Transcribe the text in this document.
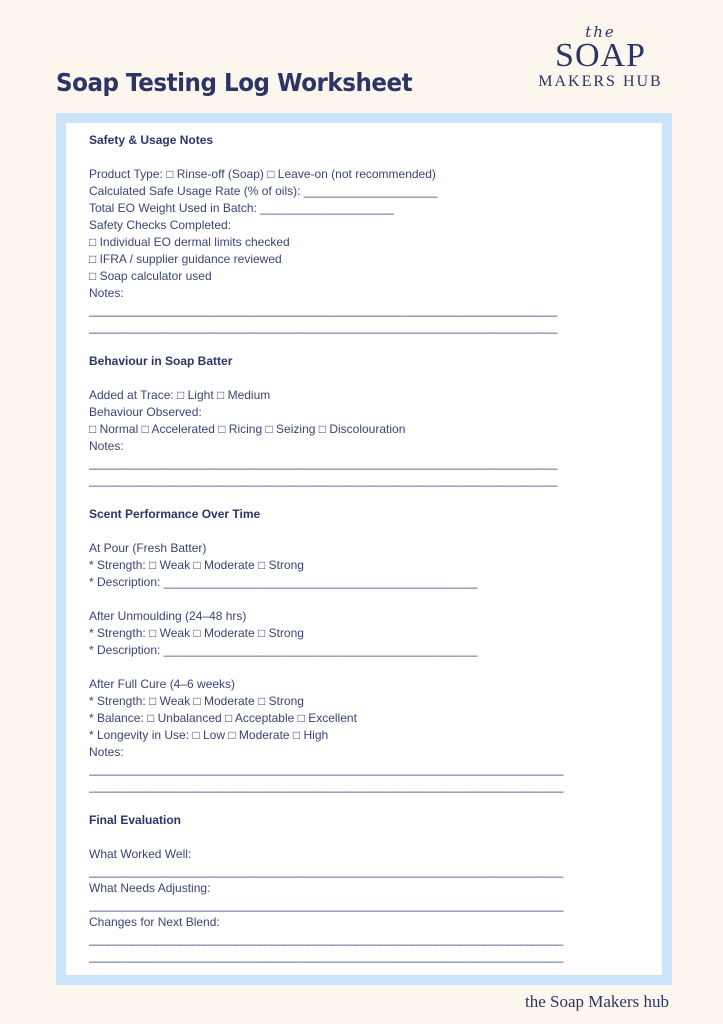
Soap Testing Log Worksheet
the
SOAP
MAKERS HUB
Safety & Usage Notes
Product Type: □ Rinse-off (Soap) □ Leave-on (not recommended)
Calculated Safe Usage Rate (% of oils): ____________________
Total EO Weight Used in Batch: ____________________
Safety Checks Completed:
□ Individual EO dermal limits checked
□ IFRA / supplier guidance reviewed
□ Soap calculator used
Notes:
_____________________________________________________________________________
_____________________________________________________________________________
Behaviour in Soap Batter
Added at Trace: □ Light □ Medium
Behaviour Observed:
□ Normal □ Accelerated □ Ricing □ Seizing □ Discolouration
Notes:
_____________________________________________________________________________
_____________________________________________________________________________
Scent Performance Over Time
At Pour (Fresh Batter)
* Strength: □ Weak □ Moderate □ Strong
* Description: _______________________________________________
After Unmoulding (24–48 hrs)
* Strength: □ Weak □ Moderate □ Strong
* Description: _______________________________________________
After Full Cure (4–6 weeks)
* Strength: □ Weak □ Moderate □ Strong
* Balance: □ Unbalanced □ Acceptable □ Excellent
* Longevity in Use: □ Low □ Moderate □ High
Notes:
______________________________________________________________________________
______________________________________________________________________________
Final Evaluation
What Worked Well:
______________________________________________________________________________
What Needs Adjusting:
______________________________________________________________________________
Changes for Next Blend:
______________________________________________________________________________
______________________________________________________________________________
the Soap Makers hub
